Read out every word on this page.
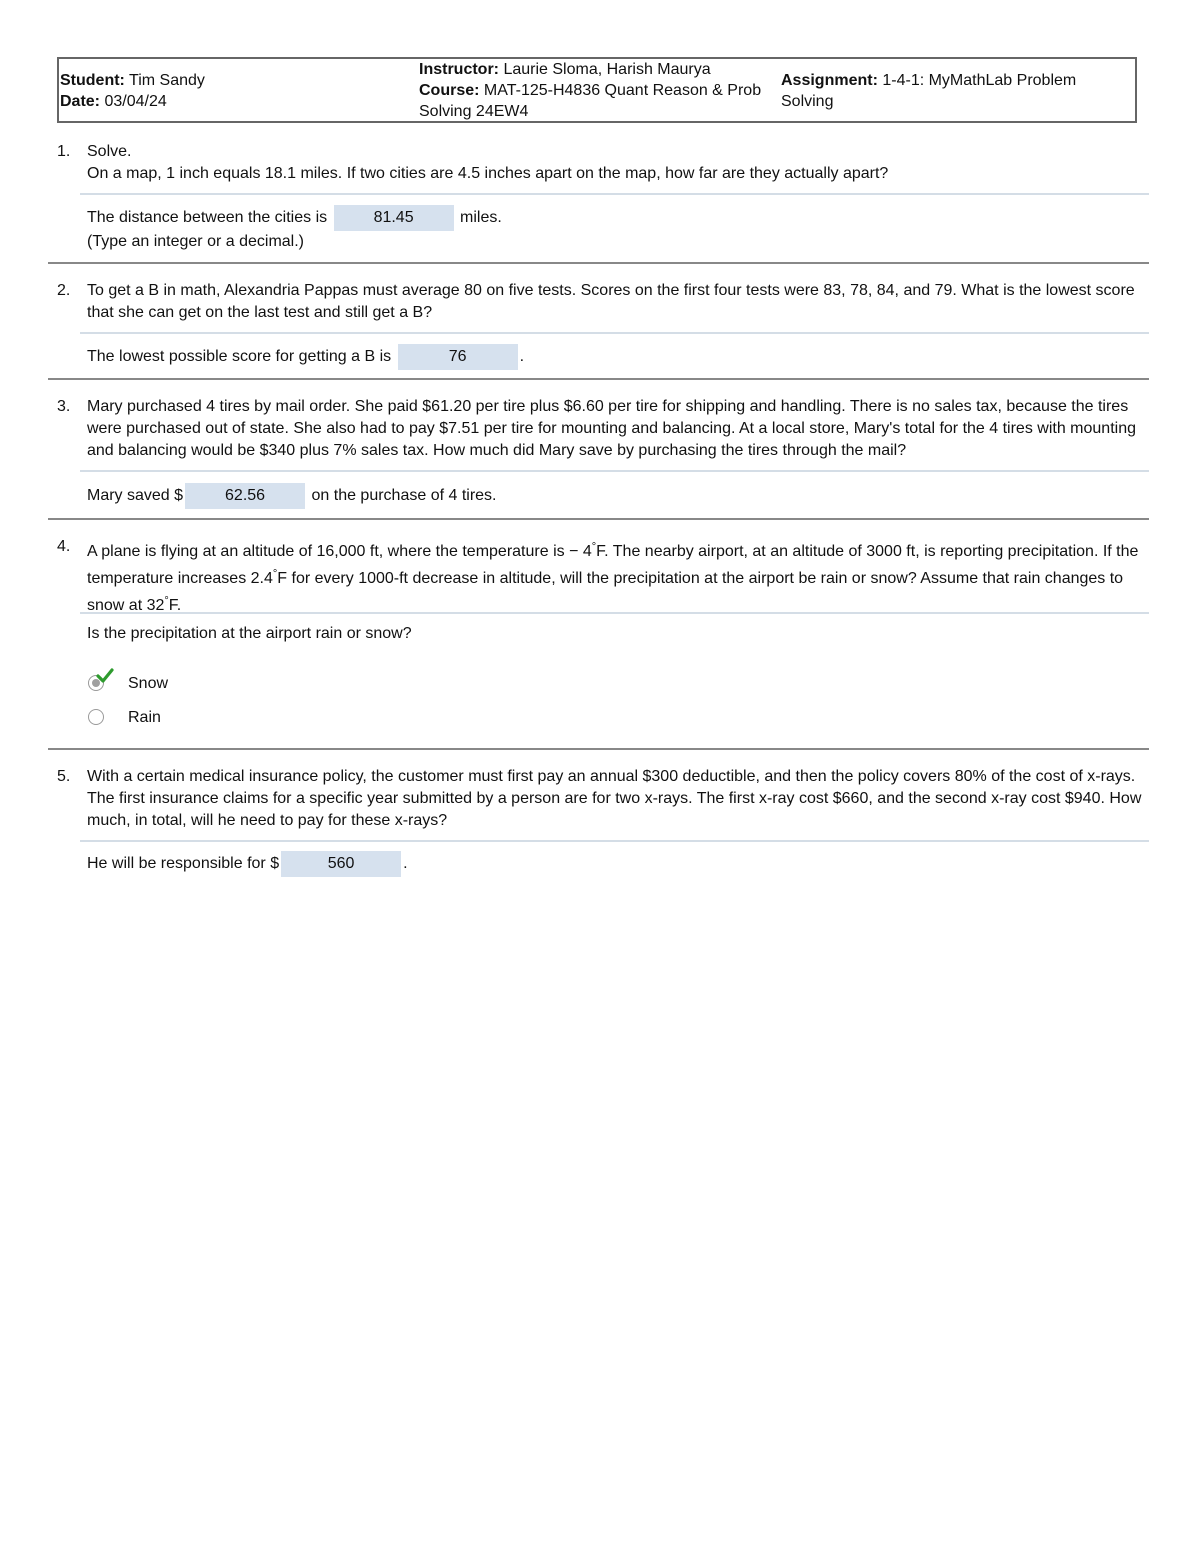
Student: Tim Sandy
Date: 03/04/24
Instructor: Laurie Sloma, Harish Maurya
Course: MAT-125-H4836 Quant Reason & Prob Solving 24EW4
Assignment: 1-4-1: MyMathLab Problem Solving
1. Solve.
On a map, 1 inch equals 18.1 miles. If two cities are 4.5 inches apart on the map, how far are they actually apart?
The distance between the cities is	81.45	miles.
(Type an integer or a decimal.)
2. To get a B in math, Alexandria Pappas must average 80 on five tests. Scores on the first four tests were 83, 78, 84, and 79. What is the lowest score that she can get on the last test and still get a B?
The lowest possible score for getting a B is	76	.
3. Mary purchased 4 tires by mail order. She paid $61.20 per tire plus $6.60 per tire for shipping and handling. There is no sales tax, because the tires were purchased out of state. She also had to pay $7.51 per tire for mounting and balancing. At a local store, Mary's total for the 4 tires with mounting and balancing would be $340 plus 7% sales tax. How much did Mary save by purchasing the tires through the mail?
Mary saved $	62.56	on the purchase of 4 tires.
4. A plane is flying at an altitude of 16,000 ft, where the temperature is − 4°F. The nearby airport, at an altitude of 3000 ft, is reporting precipitation. If the temperature increases 2.4°F for every 1000-ft decrease in altitude, will the precipitation at the airport be rain or snow? Assume that rain changes to snow at 32°F.
Is the precipitation at the airport rain or snow?
Snow
Rain
5. With a certain medical insurance policy, the customer must first pay an annual $300 deductible, and then the policy covers 80% of the cost of x-rays. The first insurance claims for a specific year submitted by a person are for two x-rays. The first x-ray cost $660, and the second x-ray cost $940. How much, in total, will he need to pay for these x-rays?
He will be responsible for $	560	.
